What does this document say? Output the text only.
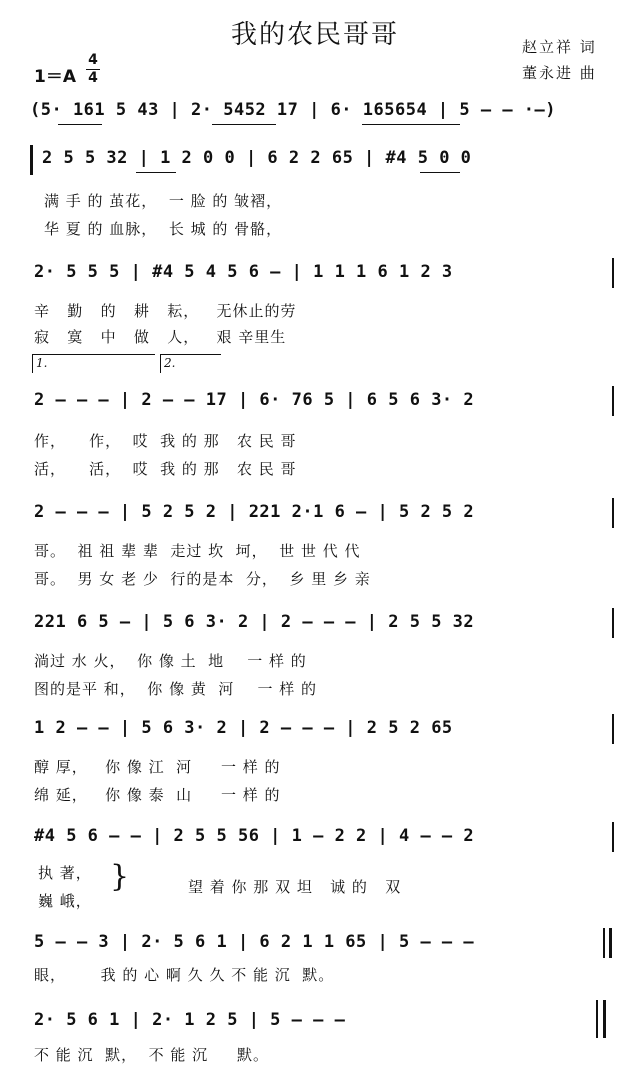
我的农民哥哥	赵立祥 词
董永进 曲
1＝A
4
4
(5· 161 5 43 | 2· 5452 17 | 6· 165654 | 5 – – ·–)
2 5 5 32 | 1 2 0 0 | 6 2 2 65 | #4 5 0 0
满 手 的 茧花，  一 脸 的 皱褶，
华 夏 的 血脉，  长 城 的 骨骼，
2· 5 5 5 | #4 5 4 5 6 – | 1 1 1 6 1 2 3
辛   勤   的   耕   耘，   无休止的劳
寂   寞   中   做   人，   艰 辛里生
1.	2.
2 – – – | 2 – – 17 | 6· 76 5 | 6 5 6 3· 2
作，    作，  哎  我 的 那   农 民 哥
活，    活，  哎  我 的 那   农 民 哥
2 – – – | 5 2 5 2 | 221 2·1 6 – | 5 2 5 2
哥。  祖 祖 辈 辈  走过 坎  坷，  世 世 代 代
哥。  男 女 老 少  行的是本  分，  乡 里 乡 亲
221 6 5 – | 5 6 3· 2 | 2 – – – | 2 5 5 32
淌过 水 火，  你 像 土  地    一 样 的
图的是平 和，  你 像 黄  河    一 样 的
1 2 – – | 5 6 3· 2 | 2 – – – | 2 5 2 65
醇 厚，   你 像 江  河     一 样 的
绵 延，   你 像 泰  山     一 样 的
#4 5 6 – – | 2 5 5 56 | 1 – 2 2 | 4 – – 2
执 著，
巍 峨，
}	望 着 你 那 双 坦   诚 的   双
5 – – 3 | 2· 5 6 1 | 6 2 1 1 65 | 5 – – –
眼，      我 的 心 啊 久 久 不 能 沉  默。
2· 5 6 1 | 2· 1 2 5 | 5 – – –
不 能 沉  默，  不 能 沉     默。
